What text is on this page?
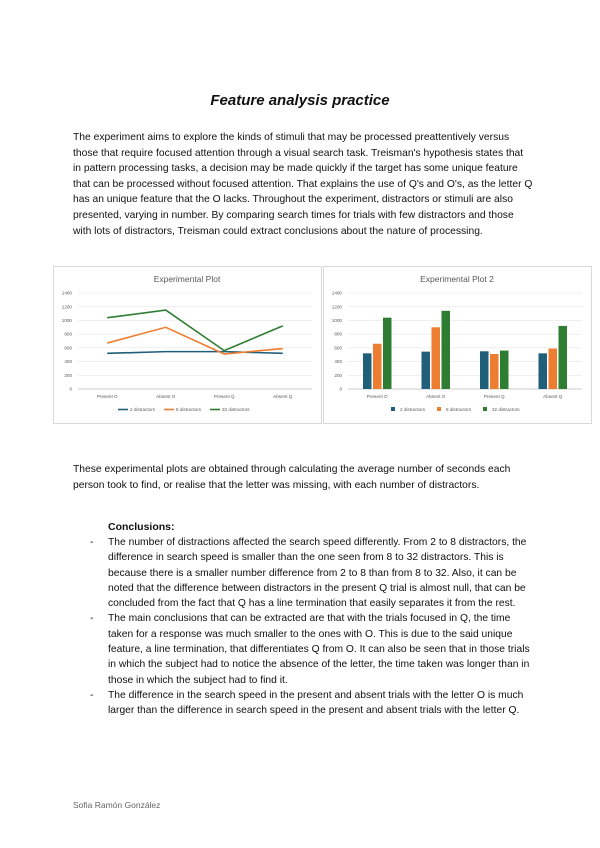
Feature analysis practice

The experiment aims to explore the kinds of stimuli that may be processed preattentively versus those that require focused attention through a visual search task. Treisman's hypothesis states that in pattern processing tasks, a decision may be made quickly if the target has some unique feature that can be processed without focused attention. That explains the use of Q's and O's, as the letter Q has an unique feature that the O lacks. Throughout the experiment, distractors or stimuli are also presented, varying in number. By comparing search times for trials with few distractors and those with lots of distractors, Treisman could extract conclusions about the nature of processing.

Experimental Plot
0
200
400
600
800
1000
1200
1400
Present O	Absent O	Present Q	Absent Q
2 distractors	8 distractors	32 distractors
Experimental Plot 2
0
200
400
600
800
1000
1200
1400
Present O	Absent O	Present Q	Absent Q
2 distractors	8 distractors	32 distractors

These experimental plots are obtained through calculating the average number of seconds each person took to find, or realise that the letter was missing, with each number of distractors.

Conclusions:
- The number of distractions affected the search speed differently. From 2 to 8 distractors, the difference in search speed is smaller than the one seen from 8 to 32 distractors. This is because there is a smaller number difference from 2 to 8 than from 8 to 32. Also, it can be noted that the difference between distractors in the present Q trial is almost null, that can be concluded from the fact that Q has a line termination that easily separates it from the rest.
- The main conclusions that can be extracted are that with the trials focused in Q, the time taken for a response was much smaller to the ones with O. This is due to the said unique feature, a line termination, that differentiates Q from O. It can also be seen that in those trials in which the subject had to notice the absence of the letter, the time taken was longer than in those in which the subject had to find it.
- The difference in the search speed in the present and absent trials with the letter O is much larger than the difference in search speed in the present and absent trials with the letter Q.
Sofia Ramón González
